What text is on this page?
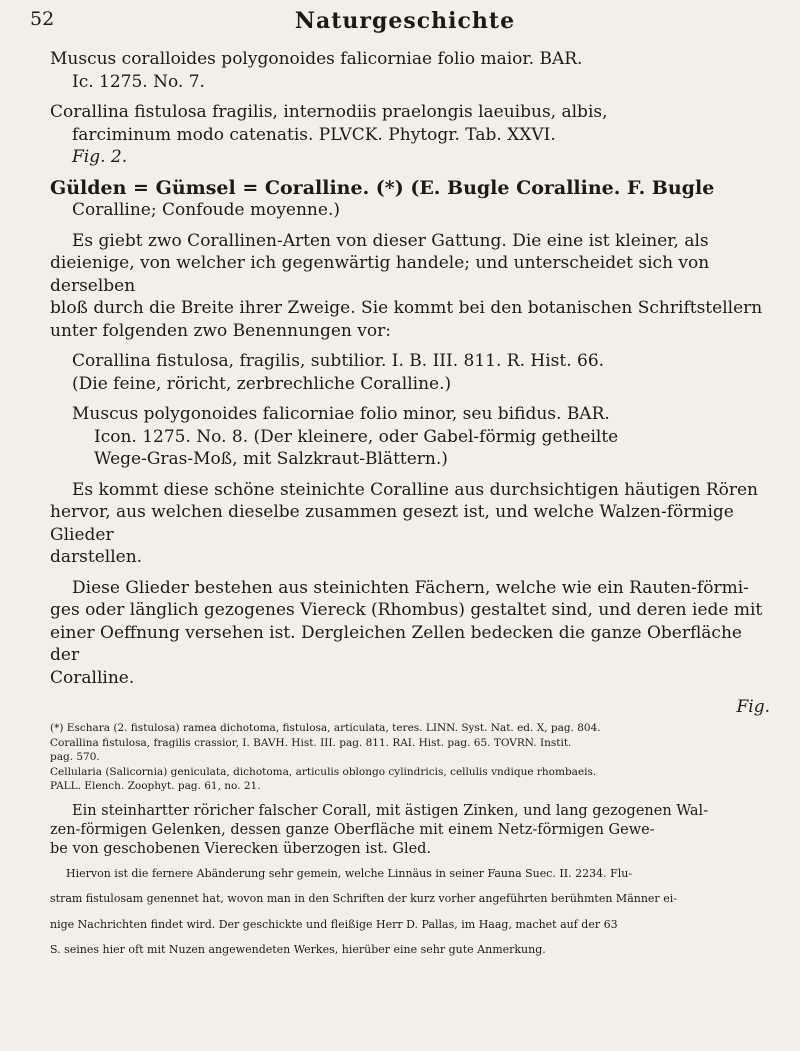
52	Naturgeschichte

Muscus coralloides polygonoides falicorniae folio maior. BAR.

Ic. 1275. No. 7.

Corallina fistulosa fragilis, internodiis praelongis laeuibus, albis,

farciminum modo catenatis. PLVCK. Phytogr. Tab. XXVI.

Fig. 2.

Gülden = Gümsel = Coralline. (*) (E. Bugle Coralline. F. Bugle

Coralline; Confoude moyenne.)

Es giebt zwo Corallinen-Arten von dieser Gattung. Die eine ist kleiner, als

dieienige, von welcher ich gegenwärtig handele; und unterscheidet sich von derselben

bloß durch die Breite ihrer Zweige. Sie kommt bei den botanischen Schriftstellern

unter folgenden zwo Benennungen vor:

Corallina fistulosa, fragilis, subtilior. I. B. III. 811. R. Hist. 66.

(Die feine, röricht, zerbrechliche Coralline.)

Muscus polygonoides falicorniae folio minor, seu bifidus. BAR.

Icon. 1275. No. 8. (Der kleinere, oder Gabel-förmig getheilte

Wege-Gras-Moß, mit Salzkraut-Blättern.)

Es kommt diese schöne steinichte Coralline aus durchsichtigen häutigen Rören

hervor, aus welchen dieselbe zusammen gesezt ist, und welche Walzen-förmige Glieder

darstellen.

Diese Glieder bestehen aus steinichten Fächern, welche wie ein Rauten-förmi-

ges oder länglich gezogenes Viereck (Rhombus) gestaltet sind, und deren iede mit

einer Oeffnung versehen ist. Dergleichen Zellen bedecken die ganze Oberfläche der

Coralline.

Fig.

(*) Eschara (2. fistulosa) ramea dichotoma, fistulosa, articulata, teres. LINN. Syst. Nat. ed. X, pag. 804.

Corallina fistulosa, fragilis crassior, I. BAVH. Hist. III. pag. 811. RAI. Hist. pag. 65. TOVRN. Instit.

pag. 570.

Cellularia (Salicornia) geniculata, dichotoma, articulis oblongo cylindricis, cellulis vndique rhombaeis.

PALL. Elench. Zoophyt. pag. 61, no. 21.

Ein steinhartter röricher falscher Corall, mit ästigen Zinken, und lang gezogenen Wal-

zen-förmigen Gelenken, dessen ganze Oberfläche mit einem Netz-förmigen Gewe-

be von geschobenen Vierecken überzogen ist. Gled.

Hiervon ist die fernere Abänderung sehr gemein, welche Linnäus in seiner Fauna Suec. II. 2234. Flu-

stram fistulosam genennet hat, wovon man in den Schriften der kurz vorher angeführten berühmten Männer ei-

nige Nachrichten findet wird. Der geschickte und fleißige Herr D. Pallas, im Haag, machet auf der 63

S. seines hier oft mit Nuzen angewendeten Werkes, hierüber eine sehr gute Anmerkung.
